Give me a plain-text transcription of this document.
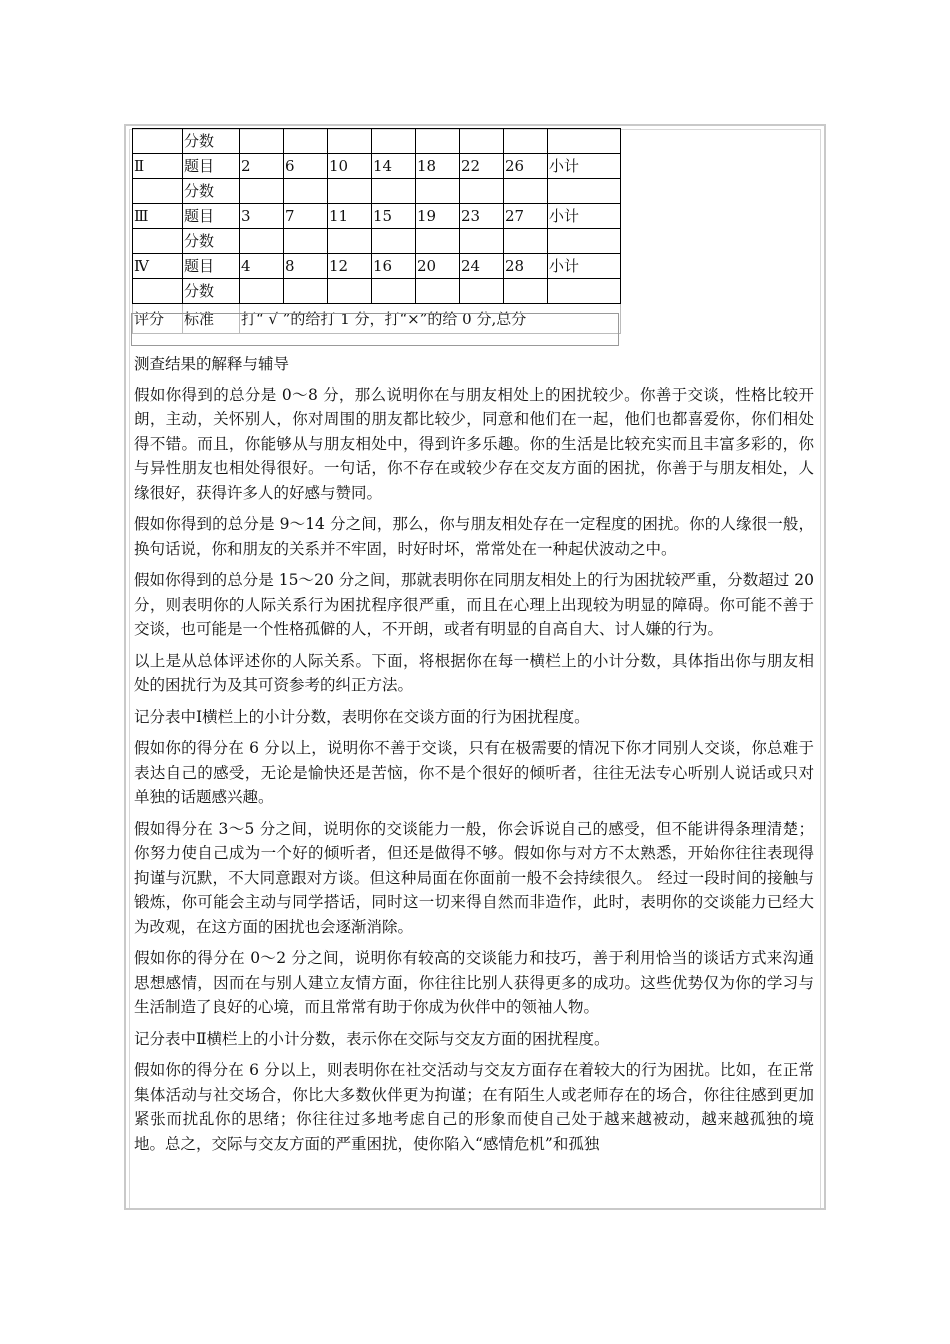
	分数								
Ⅱ	题目	2	6	10	14	18	22	26	小计
	分数								
Ⅲ	题目	3	7	11	15	19	23	27	小计
	分数								
Ⅳ	题目	4	8	12	16	20	24	28	小计
	分数								
评分	标准	打“ √ ”的给打 1 分，打“×”的给 0 分,总分							

测查结果的解释与辅导

假如你得到的总分是 0～8 分，那么说明你在与朋友相处上的困扰较少。你善于交谈，性格比较开朗，主动，关怀别人，你对周围的朋友都比较少，同意和他们在一起，他们也都喜爱你，你们相处得不错。而且，你能够从与朋友相处中，得到许多乐趣。你的生活是比较充实而且丰富多彩的，你与异性朋友也相处得很好。一句话，你不存在或较少存在交友方面的困扰，你善于与朋友相处，人缘很好，获得许多人的好感与赞同。

假如你得到的总分是 9～14 分之间，那么，你与朋友相处存在一定程度的困扰。你的人缘很一般，换句话说，你和朋友的关系并不牢固，时好时坏，常常处在一种起伏波动之中。

假如你得到的总分是 15～20 分之间，那就表明你在同朋友相处上的行为困扰较严重，分数超过 20 分，则表明你的人际关系行为困扰程序很严重，而且在心理上出现较为明显的障碍。你可能不善于交谈，也可能是一个性格孤僻的人，不开朗，或者有明显的自高自大、讨人嫌的行为。

以上是从总体评述你的人际关系。下面，将根据你在每一横栏上的小计分数，具体指出你与朋友相处的困扰行为及其可资参考的纠正方法。

记分表中Ⅰ横栏上的小计分数，表明你在交谈方面的行为困扰程度。

假如你的得分在 6 分以上，说明你不善于交谈，只有在极需要的情况下你才同别人交谈，你总难于表达自己的感受，无论是愉快还是苦恼，你不是个很好的倾听者，往往无法专心听别人说话或只对单独的话题感兴趣。

假如得分在 3～5 分之间，说明你的交谈能力一般，你会诉说自己的感受，但不能讲得条理清楚；你努力使自己成为一个好的倾听者，但还是做得不够。假如你与对方不太熟悉，开始你往往表现得拘谨与沉默，不大同意跟对方谈。但这种局面在你面前一般不会持续很久。 经过一段时间的接触与锻炼，你可能会主动与同学搭话，同时这一切来得自然而非造作，此时，表明你的交谈能力已经大为改观，在这方面的困扰也会逐渐消除。

假如你的得分在 0～2 分之间，说明你有较高的交谈能力和技巧，善于利用恰当的谈话方式来沟通思想感情，因而在与别人建立友情方面，你往往比别人获得更多的成功。这些优势仅为你的学习与生活制造了良好的心境，而且常常有助于你成为伙伴中的领袖人物。

记分表中Ⅱ横栏上的小计分数，表示你在交际与交友方面的困扰程度。

假如你的得分在 6 分以上，则表明你在社交活动与交友方面存在着较大的行为困扰。比如，在正常集体活动与社交场合，你比大多数伙伴更为拘谨；在有陌生人或老师存在的场合，你往往感到更加紧张而扰乱你的思绪；你往往过多地考虑自己的形象而使自己处于越来越被动，越来越孤独的境地。总之，交际与交友方面的严重困扰，使你陷入“感情危机”和孤独
